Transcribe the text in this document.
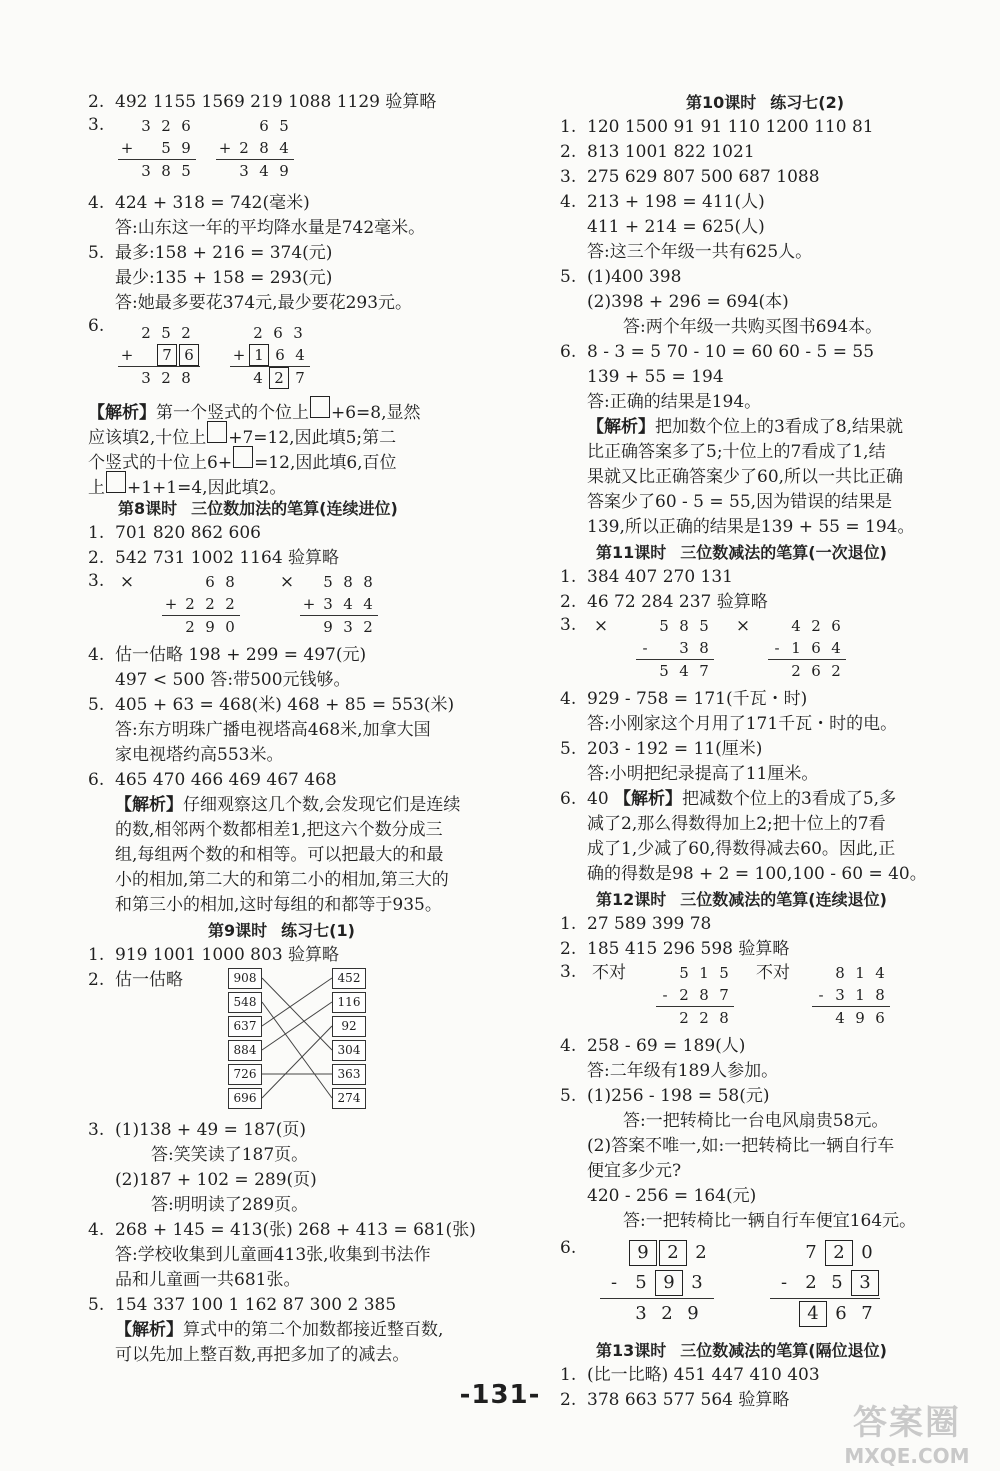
2. 492 1155 1569 219 1088 1129 验算略
3.	3 2 6
+ 5 9
3 8 5
6 5
+ 2 8 4
3 4 9
4. 424 + 318 = 742(毫米)
答:山东这一年的平均降水量是742毫米。
5. 最多:158 + 216 = 374(元)
最少:135 + 158 = 293(元)
答:她最多要花374元,最少要花293元。
6.	2 5 2
+ 7 6
3 2 8
2 6 3
+ 1 6 4
4 2 7
【解析】第一个竖式的个位上 +6=8,显然
应该填2,十位上 +7=12,因此填5;第二
个竖式的十位上6+ =12,因此填6,百位
上 +1+1=4,因此填2。
第8课时 三位数加法的笔算(连续进位)
1. 701 820 862 606
2. 542 731 1002 1164 验算略
3. ×	6 8
+ 2 2 2
2 9 0
×	5 8 8
+ 3 4 4
9 3 2
4. 估一估略 198 + 299 = 497(元)
497 < 500 答:带500元钱够。
5. 405 + 63 = 468(米) 468 + 85 = 553(米)
答:东方明珠广播电视塔高468米,加拿大国
家电视塔约高553米。
6. 465 470 466 469 467 468
【解析】仔细观察这几个数,会发现它们是连续
的数,相邻两个数都相差1,把这六个数分成三
组,每组两个数的和相等。可以把最大的和最
小的相加,第二大的和第二小的相加,第三大的
和第三小的相加,这时每组的和都等于935。
第9课时 练习七(1)
1. 919 1001 1000 803 验算略
2. 估一估略	908
548
637
884
726
696
452
116
92
304
363
274
3. (1)138 + 49 = 187(页)
答:笑笑读了187页。
(2)187 + 102 = 289(页)
答:明明读了289页。
4. 268 + 145 = 413(张) 268 + 413 = 681(张)
答:学校收集到儿童画413张,收集到书法作
品和儿童画一共681张。
5. 154 337 100 1 162 87 300 2 385
【解析】算式中的第二个加数都接近整百数,
可以先加上整百数,再把多加了的减去。
第10课时 练习七(2)
1. 120 1500 91 91 110 1200 110 81
2. 813 1001 822 1021
3. 275 629 807 500 687 1088
4. 213 + 198 = 411(人)
411 + 214 = 625(人)
答:这三个年级一共有625人。
5. (1)400 398
(2)398 + 296 = 694(本)
答:两个年级一共购买图书694本。
6. 8 - 3 = 5 70 - 10 = 60 60 - 5 = 55
139 + 55 = 194
答:正确的结果是194。
【解析】把加数个位上的3看成了8,结果就
比正确答案多了5;十位上的7看成了1,结
果就又比正确答案少了60,所以一共比正确
答案少了60 - 5 = 55,因为错误的结果是
139,所以正确的结果是139 + 55 = 194。
第11课时 三位数减法的笔算(一次退位)
1. 384 407 270 131
2. 46 72 284 237 验算略
3.	×	5 8 5
- 3 8
5 4 7
×	4 2 6
- 1 6 4
2 6 2
4. 929 - 758 = 171(千瓦・时)
答:小刚家这个月用了171千瓦・时的电。
5. 203 - 192 = 11(厘米)
答:小明把纪录提高了11厘米。
6. 40 【解析】把减数个位上的3看成了5,多
减了2,那么得数得加上2;把十位上的7看
成了1,少减了60,得数得减去60。因此,正
确的得数是98 + 2 = 100,100 - 60 = 40。
第12课时 三位数减法的笔算(连续退位)
1. 27 589 399 78
2. 185 415 296 598 验算略
3. 不对	5 1 5
- 2 8 7
2 2 8
不对	8 1 4
- 3 1 8
4 9 6
4. 258 - 69 = 189(人)
答:二年级有189人参加。
5. (1)256 - 198 = 58(元)
答:一把转椅比一台电风扇贵58元。
(2)答案不唯一,如:一把转椅比一辆自行车
便宜多少元?
420 - 256 = 164(元)
答:一把转椅比一辆自行车便宜164元。
6.	9 2 2
- 5 9 3
3 2 9
7 2 0
- 2 5 3
4 6 7
第13课时 三位数减法的笔算(隔位退位)
1. (比一比略) 451 447 410 403
2. 378 663 577 564 验算略
-131-
答案圈
MXQE.COM
